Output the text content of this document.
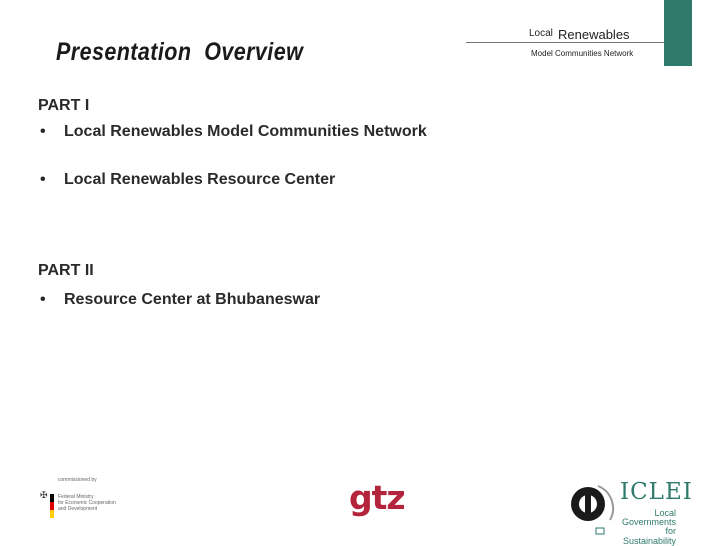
Presentation  Overview
Local Renewables
Model Communities Network
PART I
• Local Renewables Model Communities Network
• Local Renewables Resource Center
PART II
• Resource Center at Bhubaneswar
✠
commissioned by
Federal Ministry
for Economic Cooperation
and Development	gtz	ICLEI
Local
Governments
for Sustainability
